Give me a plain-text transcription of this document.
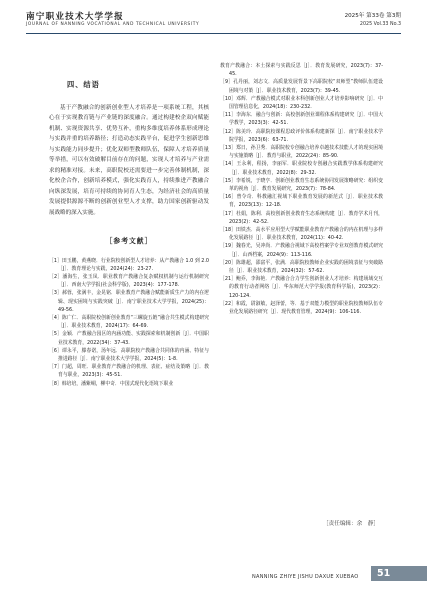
南宁职业技术大学学报
JOURNAL OF NANNING VOCATIONAL AND TECHNICAL UNIVERSITY
2025年 第33卷 第3期
2025 Vol.33 No.3
四、结语

基于产教融合的创新创业型人才培养是一项系统工程，其核心在于实现教育链与产业链的深度融合。通过构建校企双向赋能机制、实现资源共享、优势互补，重构多维度培养体系形成理论与实践并重的培养路径；打造动态实践平台，促进学生创新思维与实践能力同步提升；优化双师型教师队伍，保障人才培养质量等举措，可以有效破解目前存在的问题，实现人才培养与产业需求的精准对接。未来，高职院校还需要进一步完善体制机制，深化校企合作，创新培养模式，强化实践育人，持续推进产教融合向纵深发展，培育可持续的协同育人生态，为经济社会的高质量发展提供源源不断的创新创业型人才支撑，助力国家创新驱动发展战略的深入实施。

［参考文献］

［1］田玉鹏，黄燕晓．行业院校创新型人才培养：从产教融合 1.0 到 2.0［J］．教育理论与实践，2024(24)：23-27.

［2］潘海生，张玉凤．职业教育产教融合复杂赋权机制与运行机制研究［J］．西南大学学报(社会科学版)，2023(4)：177-178.

［3］郝蓉，张满丰，金晃铭．职业教育产教融合赋能新质生产力的内在逻辑、现实困境与实践突破［J］．南宁职业技术大学学报，2024(25)：49-56.

［4］陈广仁．高职院校创新创业教育“三螺旋五链”融合共生模式构建研究［J］．职业技术教育，2024(17)：64-69.

［5］金颖．产教融合园区的内涵功能、实践探索和机制创新［J］．中国职业技术教育，2022(34)：37-43.

［6］谭永平，滕春诺，汤年远．高职院校产教融合共同体的内涵、特征与推进路径［J］．南宁职业技术大学学报，2024(5)：1-8.

［7］门超，周旺．职业教育产教融合的机理、表征、症结及策略［J］．教育与职业，2023(3)：45-51.

［8］韩培培，潘紫峒，柳中奇．中国式现代化语境下职业

教育产教融合：本土探索与实践反思［J］．教育发展研究，2023(7)：37-45.

［9］孔丹丽，刘志文．高质量发展背景下高职院校“双师型”教师队伍建设困境与对策［J］．职业技术教育，2023(7)：39-45.

［10］邓辉．产教融合模式对职业本科创新创业人才培养影响研究［J］．中国管理信息化，2024(18)：230-232.

［11］李海东．融合与创新：高校创新创业课程体系构建研究［J］．中国大学教学，2023(3)：42-51.

［12］陈美玲．高职院校课程思政评价体系构建新探［J］．南宁职业技术学院学报，2023(6)：63-71.

［13］郑日，孙卫秀．高职院校专创融合培养卓越技术技能人才的现实困境与实施策略［J］．教育与职业，2022(24)：85-90.

［14］王永利，程扬，李丽军．职业院校专创融合实践教学体系构建研究［J］．职业技术教育，2022(8)：29-32.

［15］李希锐，于晓亨．创新创业教育生态系统协同发展策略研究：组织变革的视角［J］．教育发展研究，2023(7)：78-84.

［16］曾令奇．科教融汇视域下职业教育发展的新范式［J］．职业技术教育，2023(13)：12-18.

［17］杜娟，陈利．高校创新创业教育生态系统构建［J］．教育学术月刊，2023(2)：42-52.

［18］田铁杰．高水平应用型大学赋能职业教育产教融合的内在机理与多样化发展路径［J］．职业技术教育，2024(11)：40-42.

［19］魏春光，吴冲尚．产教融合视域下高校档案学专业双创教育模式研究［J］．山西档案，2024(9)：113-116.

［20］陈雄超，邵富平，张满．高职院校教师企业实践的困境表征与突破路径［J］．职业技术教育，2024(32)：57-62.

［21］鲍乔，李海艳．产教融合合力学生创新创业人才培养：构建场域交互的教育行动者网络［J］．华东师范大学学报(教育科学版)，2023(2)：120-124.

［22］和霞，尉淑敏，赵泽蕾，等．基于双能力模型的职业院校教师队伍专业化发展路径研究［J］．现代教育管理，2024(9)：106-116.

［责任编辑：余　静］
NANNING ZHIYE JISHU DAXUE XUEBAO	51
